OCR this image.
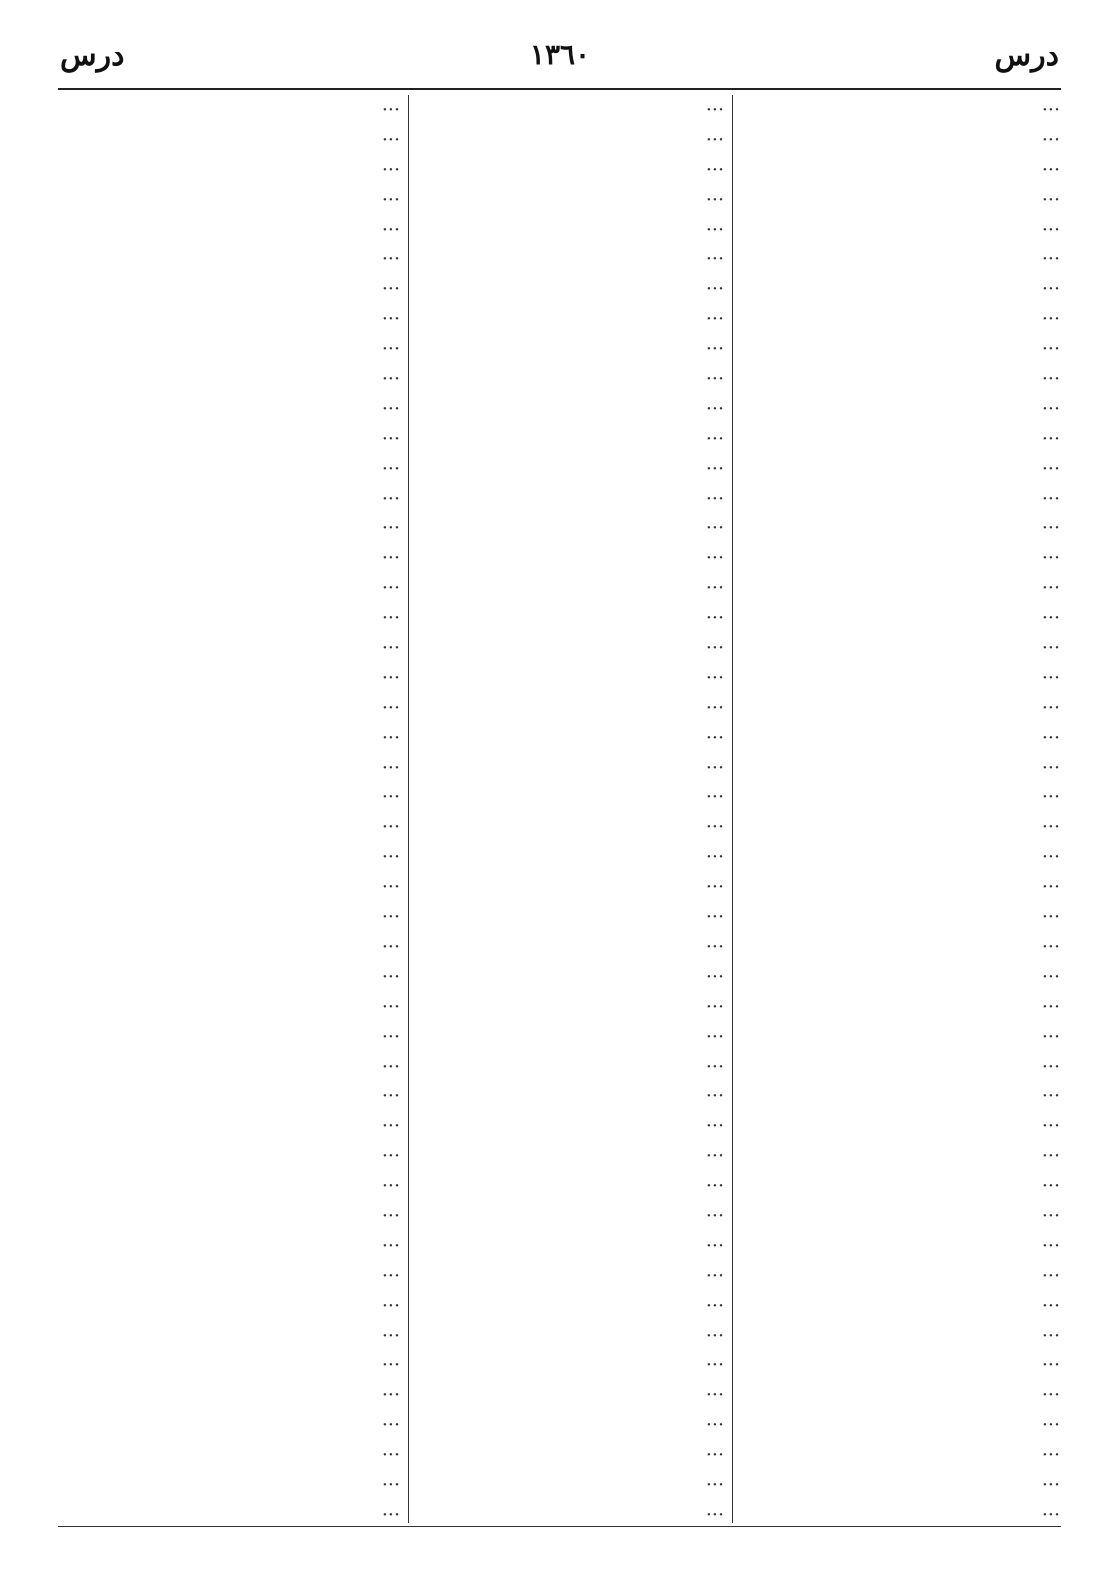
درس
١٣٦٠
درس
···
···
···
···
···
···
···
···
···
···
···
···
···
···
···
···
···
···
···
···
···
···
···
···
···
···
···
···
···
···
···
···
···
···
···
···
···
···
···
···
···
···
···
···
···
···
···
···
···
···
···
···
···
···
···
···
···
···
···
···
···
···
···
···
···
···
···
···
···
···
···
···
···
···
···
···
···
···
···
···
···
···
···
···
···
···
···
···
···
···
···
···
···
···
···
···
···
···
···
···
···
···
···
···
···
···
···
···
···
···
···
···
···
···
···
···
···
···
···
···
···
···
···
···
···
···
···
···
···
···
···
···
···
···
···
···
···
···
···
···
···
···
···
···
